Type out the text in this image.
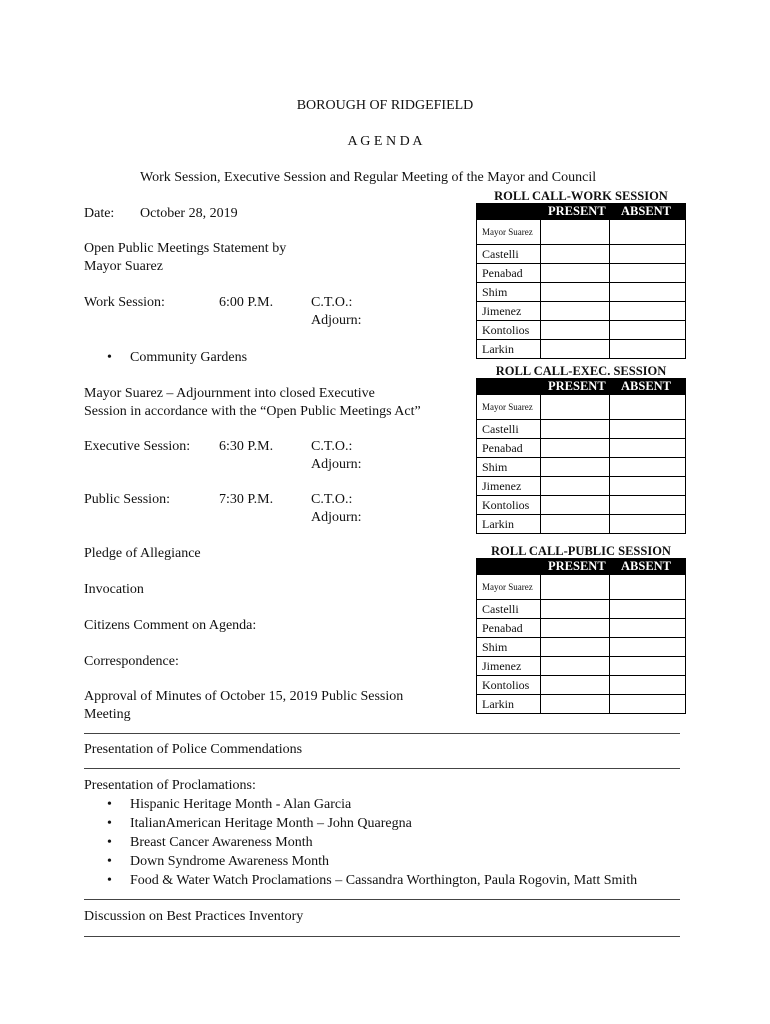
BOROUGH OF RIDGEFIELD
A G E N D A
Work Session, Executive Session and Regular Meeting of the Mayor and Council
Date: October 28, 2019
Open Public Meetings Statement by
Mayor Suarez
Work Session:	6:00 P.M.	C.T.O.:
Adjourn:
• Community Gardens
Mayor Suarez – Adjournment into closed Executive
Session in accordance with the “Open Public Meetings Act”
Executive Session: 6:30 P.M.	C.T.O.:
Adjourn:
Public Session:	7:30 P.M.	C.T.O.:
Adjourn:
Pledge of Allegiance
Invocation
Citizens Comment on Agenda:
Correspondence:
Approval of Minutes of October 15, 2019 Public Session
Meeting
Presentation of Police Commendations
Presentation of Proclamations:
• Hispanic Heritage Month - Alan Garcia
• ItalianAmerican Heritage Month – John Quaregna
• Breast Cancer Awareness Month
• Down Syndrome Awareness Month
• Food & Water Watch Proclamations – Cassandra Worthington, Paula Rogovin, Matt Smith
Discussion on Best Practices Inventory
ROLL CALL-WORK SESSION
PRESENT ABSENT
Mayor Suarez
Castelli
Penabad
Shim
Jimenez
Kontolios
Larkin
ROLL CALL-EXEC. SESSION
PRESENT ABSENT
Mayor Suarez
Castelli
Penabad
Shim
Jimenez
Kontolios
Larkin
ROLL CALL-PUBLIC SESSION
PRESENT ABSENT
Mayor Suarez
Castelli
Penabad
Shim
Jimenez
Kontolios
Larkin
